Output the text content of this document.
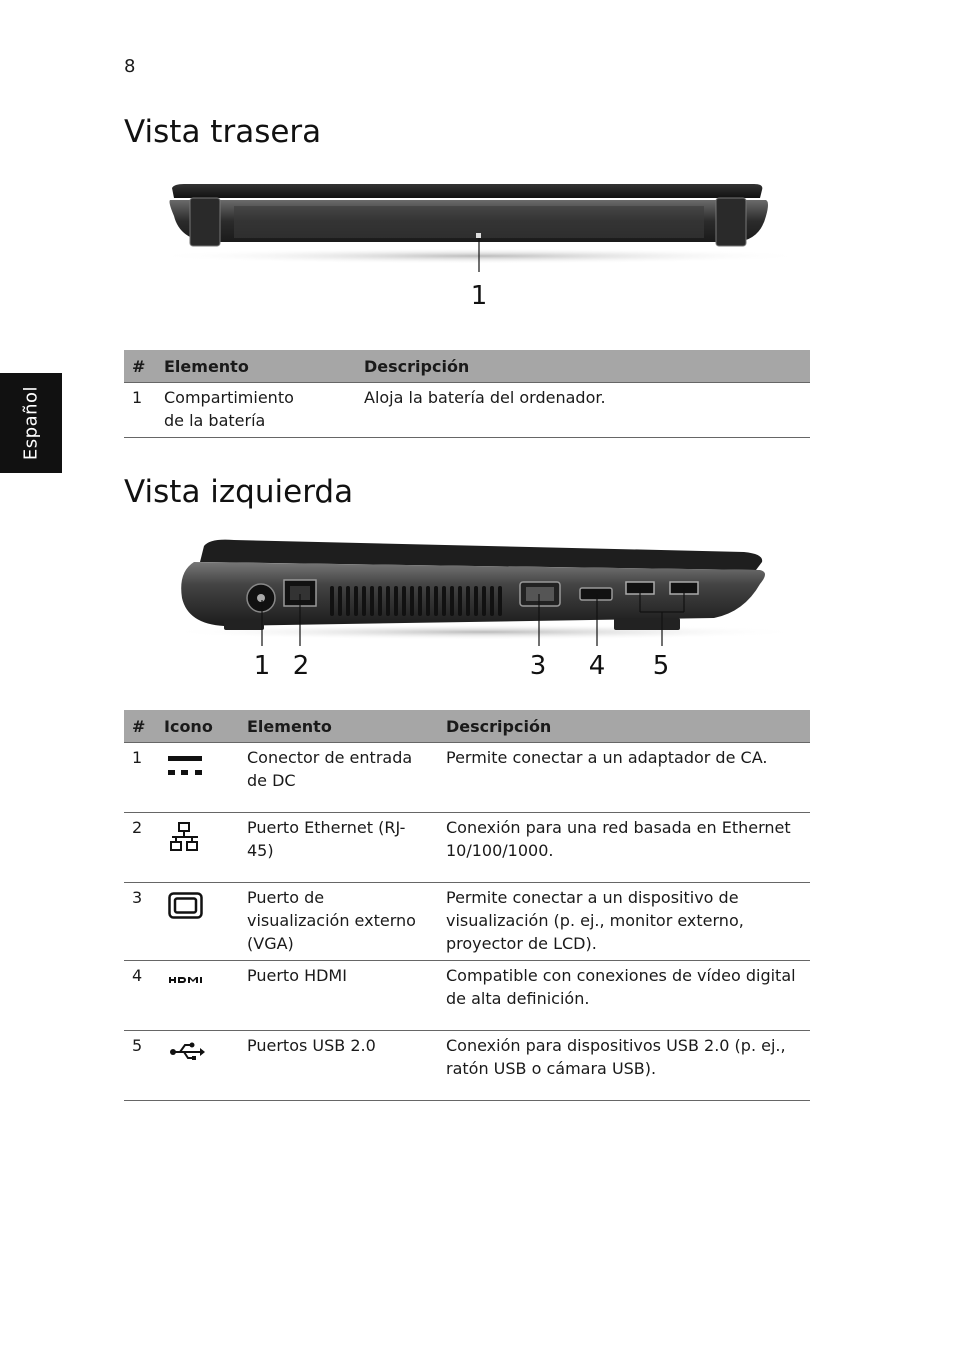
8
Español
Vista trasera
1
#	Elemento	Descripción
1	Compartimiento de la batería	Aloja la batería del ordenador.
Vista izquierda
1 2	3 4 5
#	Icono	Elemento	Descripción
1		Conector de entrada de DC	Permite conectar a un adaptador de CA.
2		Puerto Ethernet (RJ-45)	Conexión para una red basada en Ethernet 10/100/1000.
3		Puerto de visualización externo (VGA)	Permite conectar a un dispositivo de visualización (p. ej., monitor externo, proyector de LCD).
4		Puerto HDMI	Compatible con conexiones de vídeo digital de alta definición.
5		Puertos USB 2.0	Conexión para dispositivos USB 2.0 (p. ej., ratón USB o cámara USB).
